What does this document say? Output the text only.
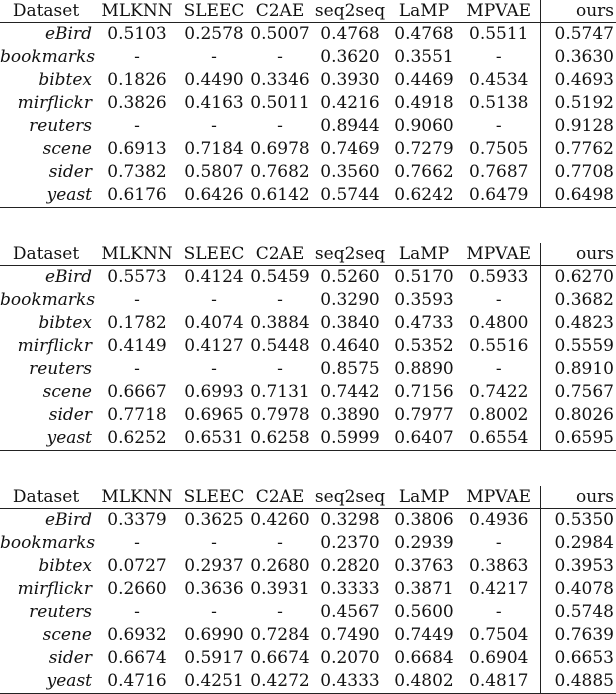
Dataset	MLKNN	SLEEC	C2AE	seq2seq	LaMP	MPVAE	ours
eBird	0.5103	0.2578	0.5007	0.4768	0.4768	0.5511	0.5747
bookmarks	-	-	-	0.3620	0.3551	-	0.3630
bibtex	0.1826	0.4490	0.3346	0.3930	0.4469	0.4534	0.4693
mirflickr	0.3826	0.4163	0.5011	0.4216	0.4918	0.5138	0.5192
reuters	-	-	-	0.8944	0.9060	-	0.9128
scene	0.6913	0.7184	0.6978	0.7469	0.7279	0.7505	0.7762
sider	0.7382	0.5807	0.7682	0.3560	0.7662	0.7687	0.7708
yeast	0.6176	0.6426	0.6142	0.5744	0.6242	0.6479	0.6498
Dataset	MLKNN	SLEEC	C2AE	seq2seq	LaMP	MPVAE	ours
eBird	0.5573	0.4124	0.5459	0.5260	0.5170	0.5933	0.6270
bookmarks	-	-	-	0.3290	0.3593	-	0.3682
bibtex	0.1782	0.4074	0.3884	0.3840	0.4733	0.4800	0.4823
mirflickr	0.4149	0.4127	0.5448	0.4640	0.5352	0.5516	0.5559
reuters	-	-	-	0.8575	0.8890	-	0.8910
scene	0.6667	0.6993	0.7131	0.7442	0.7156	0.7422	0.7567
sider	0.7718	0.6965	0.7978	0.3890	0.7977	0.8002	0.8026
yeast	0.6252	0.6531	0.6258	0.5999	0.6407	0.6554	0.6595
Dataset	MLKNN	SLEEC	C2AE	seq2seq	LaMP	MPVAE	ours
eBird	0.3379	0.3625	0.4260	0.3298	0.3806	0.4936	0.5350
bookmarks	-	-	-	0.2370	0.2939	-	0.2984
bibtex	0.0727	0.2937	0.2680	0.2820	0.3763	0.3863	0.3953
mirflickr	0.2660	0.3636	0.3931	0.3333	0.3871	0.4217	0.4078
reuters	-	-	-	0.4567	0.5600	-	0.5748
scene	0.6932	0.6990	0.7284	0.7490	0.7449	0.7504	0.7639
sider	0.6674	0.5917	0.6674	0.2070	0.6684	0.6904	0.6653
yeast	0.4716	0.4251	0.4272	0.4333	0.4802	0.4817	0.4885
